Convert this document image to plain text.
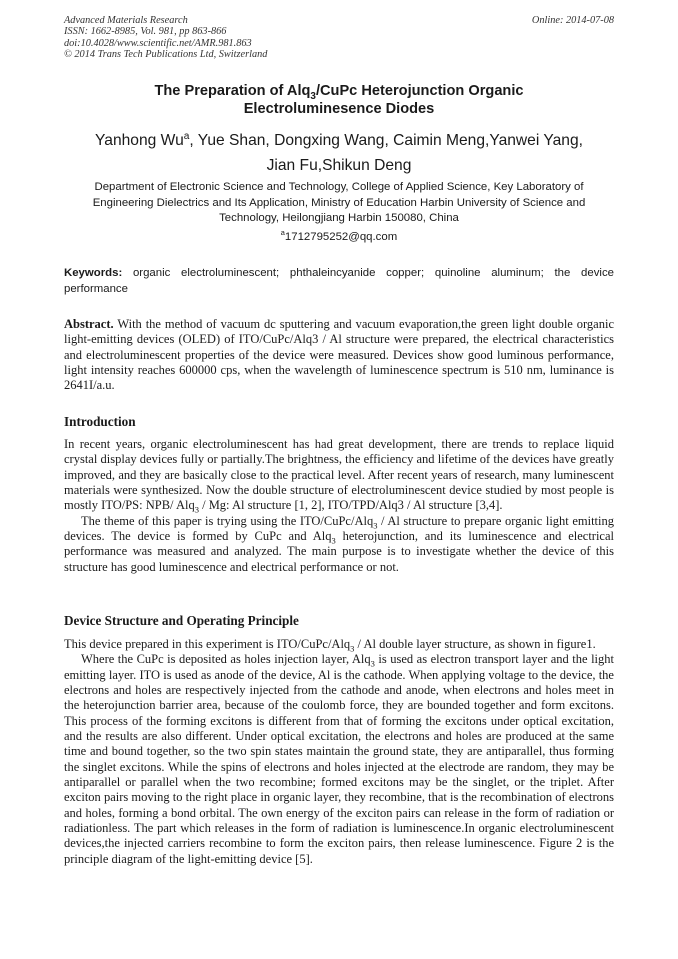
Advanced Materials Research
ISSN: 1662-8985, Vol. 981, pp 863-866
doi:10.4028/www.scientific.net/AMR.981.863
© 2014 Trans Tech Publications Ltd, Switzerland
Online: 2014-07-08
The Preparation of Alq$_3$/CuPc Heterojunction Organic
Electroluminesence Diodes
Yanhong Wu$^a$, Yue Shan, Dongxing Wang, Caimin Meng,Yanwei Yang,
Jian Fu,Shikun Deng
Department of Electronic Science and Technology, College of Applied Science, Key Laboratory of Engineering Dielectrics and Its Application, Ministry of Education Harbin University of Science and Technology, Heilongjiang Harbin 150080, China
$^a$1712795252@qq.com
Keywords: organic electroluminescent; phthaleincyanide copper; quinoline aluminum; the device performance
Abstract. With the method of vacuum dc sputtering and vacuum evaporation,the green light double organic light-emitting devices (OLED) of ITO/CuPc/Alq3 / Al structure were prepared, the electrical characteristics and electroluminescent properties of the device were measured. Devices show good luminous performance, light intensity reaches 600000 cps, when the wavelength of luminescence spectrum is 510 nm, luminance is 2641I/a.u.
Introduction

In recent years, organic electroluminescent has had great development, there are trends to replace liquid crystal display devices fully or partially.The brightness, the efficiency and lifetime of the devices have greatly improved, and they are basically close to the practical level. After recent years of research, many luminescent materials were synthesized. Now the double structure of electroluminescent device studied by most people is mostly ITO/PS: NPB/ Alq$_3$ / Mg: Al structure [1, 2], ITO/TPD/Alq3 / Al structure [3,4].

The theme of this paper is trying using the ITO/CuPc/Alq$_3$ / Al structure to prepare organic light emitting devices. The device is formed by CuPc and Alq$_3$ heterojunction, and its luminescence and electrical performance was measured and analyzed. The main purpose is to investigate whether the device of this structure has good luminescence and electrical performance or not.

Device Structure and Operating Principle

This device prepared in this experiment is ITO/CuPc/Alq$_3$ / Al double layer structure, as shown in figure1.

Where the CuPc is deposited as holes injection layer, Alq$_3$ is used as electron transport layer and the light emitting layer. ITO is used as anode of the device, Al is the cathode. When applying voltage to the device, the electrons and holes are respectively injected from the cathode and anode, when electrons and holes meet in the heterojunction barrier area, because of the coulomb force, they are bounded together and form excitons. This process of the forming excitons is different from that of forming the excitons under optical excitation, and the results are also different. Under optical excitation, the electrons and holes are produced at the same time and bound together, so the two spin states maintain the ground state, they are antiparallel, thus forming the singlet excitons. While the spins of electrons and holes injected at the electrode are random, they may be antiparallel or parallel when the two recombine; formed excitons may be the singlet, or the triplet. After exciton pairs moving to the right place in organic layer, they recombine, that is the recombination of electrons and holes, forming a bond orbital. The own energy of the exciton pairs can release in the form of radiation or radiationless. The part which releases in the form of radiation is luminescence.In organic electroluminescent devices,the injected carriers recombine to form the exciton pairs, then release luminescence. Figure 2 is the principle diagram of the light-emitting device [5].
